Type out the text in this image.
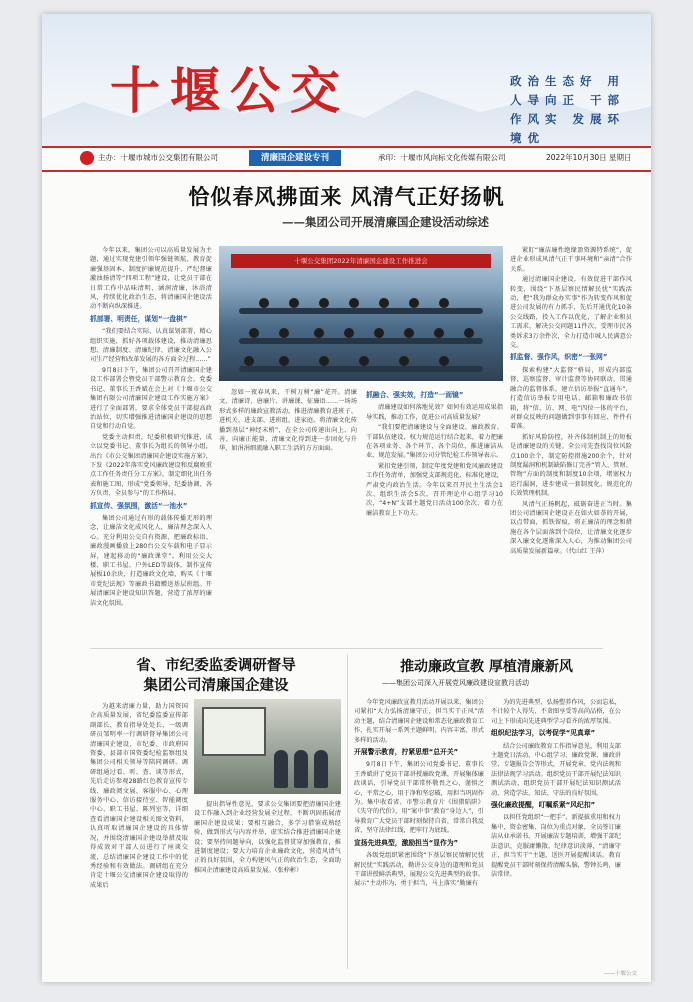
十堰公交	政治生态好 用人导向正 干部作风实 发展环境优
主办：十堰市城市公交集团有限公司	清廉国企建设专刊	承印：十堰市风向标文化传媒有限公司	2022年10月30日 星期日
恰似春风拂面来 风清气正好扬帆
——集团公司开展清廉国企建设活动综述

今年以来，集团公司以高质量发展为主题，通过实现党建引领年强链领航、教育促廉强基固本、制度护廉规范提升、严纪督廉激浊扬清等“四项工程”建设，让党员干部在日常工作中品味清明、涵润清廉，沐浴清风，持续优化政治生态，将清廉国企建设活动不断向纵深推进。

抓部署、明责任，谋划“一盘棋”

“我们要结合实际，认真谋划部署，精心组织实施，抓好各项载体建设，推动清廉思想、清廉制度、清廉纪律、清廉文化融入公司生产经营和改革发展的各方面全过程……”

9月8日下午，集团公司召开清廉国企建设工作部署会暨党员干部警示教育会，党委书记、董事长王香斌在会上对《十堰市公交集团有限公司清廉国企建设工作实施方案》进行了全面部署，要求全体党员干部提高政治站位，切实增强推进清廉国企建设的思想自觉和行动自觉。

党委主动担责，纪委积极研究推进，成立以党委书记、董事长为组长的领导小组，出台《市公交集团清廉国企建设实施方案》，下发《2022年落实党风廉政建设和反腐败重点工作任务责任分工方案》，制定细化出任务表和施工图，形成“党委领导、纪委协调、各方负责、全员参与”的工作格局。

抓宣传、强氛围，激活“一池水”

集团公司通过有形的载体传播无形的理念，让廉洁文化成风化人，廉洁理念深入人心。充分利用公交自有资源，把廉政标语、廉政漫画播放上280台公交车载和电子显示屏，建起移动的“廉政课堂”。利用公交大楼、职工书屋、户外LED等载体，制作宣传展板10余块，打造廉政文化墙，购买《十堰市党纪法规》等廉政书籍赠送基层班组。开展清廉国企建设知识答题，营造了浓厚的廉洁文化氛围。

十堰公交集团2022年清廉国企建设工作推进会

忽如一夜春风来，干树万树“廉”花开。清廉文、清廉诗、唐廉片、讲廉课、征廉语……一场场形式多样的廉政宣教活动，推进清廉教育进班子、进机关、进支部、进班组，进家庭。将清廉文化传播到基层“神经末梢”，在全公司传递出向上、向善、向廉正能量，清廉文化得到进一步固化与升华，如涓涓细流融入职工生活的方方面面。

抓融合、强实效，打造“一面镜”

清廉建设如何落地见效？如何有效运用成果指导实践，推动工作，促进公司高质量发展？

“我们要把清廉建设与全面建设、廉政教育、干部队伍建设、权力规范运行结合起来，着力把廉在各项业务、各个环节、各个岗位，推进廉洁从业、规范发展。”集团公司分管纪检工作领导表示。

紧扣党建引领，制定年度党建和党风廉政建设工作任务清单，加强党支部规范化、标准化建设，严肃党内政治生活。今年以来召开民主生活会1次、组织生活会5次，召开理论中心组学习10次，“4+N”支部主题党日活动100余次，着力在廉洁教育上下功夫。

紧盯“廉洁廉性绝缘盈资源特系统”，促进企业形成风清气正干事环境和“亲清”合作关系。

通过清廉国企建设，有效促进干部作风转变，围绕“下基层察民情解民忧”实践活动，把“我为群众办实事”作为转变作风和促进公司发展的有力抓手，先后开通优化10条公交线路，投入工作以优化，了解企业和员工需求，解决公交问题11件次，受理市民各类诉求3万余件次，全力打造市城人民满意公交。

抓监督、强作风，织密“一张网”

探索构建“大监督”格局，形成内部监督、巡察监督、审计监督等协同联动、贯通融合的监督体系。建立信访举报“直通车”，打造信访举报专用电话、邮箱和廉政书信箱，将“信、访、网、电”四位一体的平台，对群众反映的问题做到事事有回应、件件有着落。

抓好风险防控，补齐体制机制上的短板是清廉建设的关键。全公司先查找岗位风险点100余个，制定防控措施200余个，针对制度漏洞和机制缺陷修订完善“管人、管财、管物”方面的制度和制度10余项，堵塞权力运行漏洞，进步建成一套制度化、规范化的长效管理机制。

风清气正扬帆起，砥砺奋进正当时。集团公司清廉国企建设正在如火如荼的开展，以点带面，抓铁留痕，将正廉洁的理念和措施在各个层面落到个岗位，让清廉文化逐步深入廉文化逐渐深入人心，为推动集团公司高质量发展新篇章。（代山红 王萍）

省、市纪委监委调研督导
集团公司清廉国企建设

为越来清廉力量，助力国资国企高质量发展，省纪委监委宣传部副部长、教育指导处处长、一级调研员邹明率一行调研督导集团公司清廉国企建设，市纪委、市政府国资委、县部市国资委纪检监察组及集团公司相关领导等陪同调研。调研组通过看、听、查、谈等形式，先后走访参观28路红色教育宣传专线、廉政阅文展、客服中心、心理服务中心、信访接待室、智能调度中心、职工书屋、陈列室等，详细查看清廉国企建设相关图文资料，认真听取清廉国企建设的具体情况，并围绕清廉国企建设举措及取得成效对干部人员进行了座谈交流，总结清廉国企建设工作中的优秀经验和有效做法。调研组在充分肯定十堰公交清廉国企建设取得的成果后

提出指导性意见，要求公交集团要把清廉国企建设工作融入到企业经营发展全过程，不断巩固拓展清廉国企建设成果；要相互融合，多学习借鉴成熟经验，做到形式与内容并举，虚实结合推进清廉国企建设；要坚持问题导向，以强化监督贯穿加强教育，推进制度建设；要大力培育企业廉政文化，营造风清气正的良好氛围，全力构建风气正的政治生态，全面助推国企清廉建设高质量发展。（张梓彬）

推动廉政宣教 厚植清廉新风
——集团公司深入开展党风廉政建设宣教月活动

今年党风廉政宣教月活动开展以来，集团公司紧扣“大力弘扬清廉守正，担当实干正风”活动主题，结合清廉国企建设和常态化廉政教育工作，扎实开展一系列主题鲜明、内容丰富、形式多样的活动。

开展警示教育，拧紧思想“总开关”

9月8日下午，集团公司党委书记、董事长王香斌讲了党员干部讲授廉政党课，开展集体廉政谈话，引导党员干部常怀敬畏之心，谨慎之心，平常之心，用于净和坚忍破，用担当巩固作为。集中收看省、市警示教育片《围猎陷阱》《失守的代价》，用“案中事”教育“身边人”，引导教育广大党员干部时刻保持自省，常常自我反省，坚守法律红线，把牢行为底线。

宣扬先进典型，激励担当“显作为”

各级党组织紧密围绕“下基层察民情解民忧解民忧”实践活动，勤讲公交身边的道理和党员干部讲授鲜活典型，展现公交先进典型的故事。展示“主动作为，勇于担当，马上落实”勤廉有

为的先进典型，弘扬塑养作风，公而忘私，不计较个人得失、不贪图享受等高尚品格，在公司上下形成向先进典型学习看齐的浓厚氛围。

组织纪法学习，以考促学“见真章”

结合公司廉政教育工作指导意见，利用支部主题党日活动、中心组学习、廉政党课、廉政讲堂、专题报告会等形式，开展党章、党内法规和法律法规学习活动。组织党员干部开展纪法知识测试活动，组织党员干部开展纪法知识测试活动，营造学法，知法、守法的良好氛围。

强化廉政提醒，叮嘱系紧“风纪扣”

以担任党组织“一把手”、新提拔重用和权力集中、资金密集、岗位为重点对象，全员签订廉洁从业承诺书，开展廉洁专题培训，增强干部纪法意识，克服庸懒散、纪律意识淡薄、“清廉守正，担当实干”主题，送医开展提醒谈话。教育提醒党员干部时刻保持清醒头脑，警钟长鸣，廉洁常律。

——十堰公交
